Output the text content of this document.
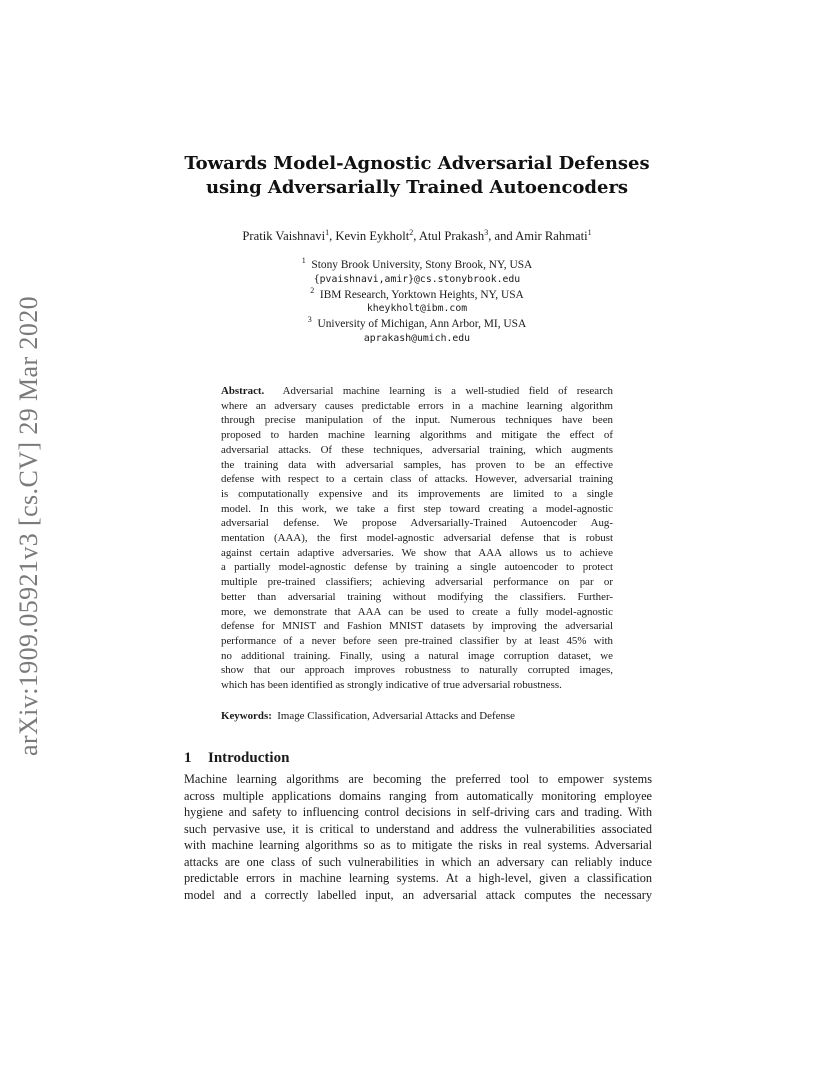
arXiv:1909.05921v3 [cs.CV] 29 Mar 2020
Towards Model-Agnostic Adversarial Defenses
using Adversarially Trained Autoencoders
Pratik Vaishnavi$^1$, Kevin Eykholt$^2$, Atul Prakash$^3$, and Amir Rahmati$^1$
$^1$ Stony Brook University, Stony Brook, NY, USA
{pvaishnavi,amir}@cs.stonybrook.edu
$^2$ IBM Research, Yorktown Heights, NY, USA
kheykholt@ibm.com
$^3$ University of Michigan, Ann Arbor, MI, USA
aprakash@umich.edu
Abstract. Adversarial machine learning is a well-studied field of research
where an adversary causes predictable errors in a machine learning algorithm
through precise manipulation of the input. Numerous techniques have been
proposed to harden machine learning algorithms and mitigate the effect of
adversarial attacks. Of these techniques, adversarial training, which augments
the training data with adversarial samples, has proven to be an effective
defense with respect to a certain class of attacks. However, adversarial training
is computationally expensive and its improvements are limited to a single
model. In this work, we take a first step toward creating a model-agnostic
adversarial defense. We propose Adversarially-Trained Autoencoder Aug-
mentation (AAA), the first model-agnostic adversarial defense that is robust
against certain adaptive adversaries. We show that AAA allows us to achieve
a partially model-agnostic defense by training a single autoencoder to protect
multiple pre-trained classifiers; achieving adversarial performance on par or
better than adversarial training without modifying the classifiers. Further-
more, we demonstrate that AAA can be used to create a fully model-agnostic
defense for MNIST and Fashion MNIST datasets by improving the adversarial
performance of a never before seen pre-trained classifier by at least 45% with
no additional training. Finally, using a natural image corruption dataset, we
show that our approach improves robustness to naturally corrupted images,
which has been identified as strongly indicative of true adversarial robustness.
Keywords: Image Classification, Adversarial Attacks and Defense
1 Introduction
Machine learning algorithms are becoming the preferred tool to empower systems
across multiple applications domains ranging from automatically monitoring employee
hygiene and safety to influencing control decisions in self-driving cars and trading. With
such pervasive use, it is critical to understand and address the vulnerabilities associated
with machine learning algorithms so as to mitigate the risks in real systems. Adversarial
attacks are one class of such vulnerabilities in which an adversary can reliably induce
predictable errors in machine learning systems. At a high-level, given a classification
model and a correctly labelled input, an adversarial attack computes the necessary
